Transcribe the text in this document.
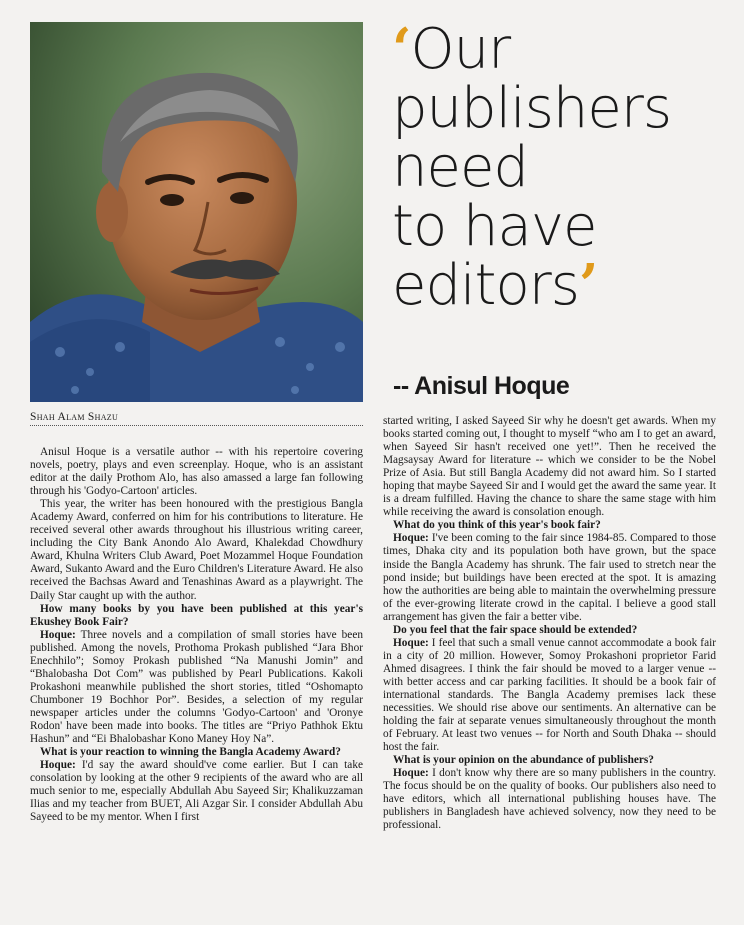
‘Our
publishers
need
to have
editors’
-- Anisul Hoque
Shah Alam Shazu

Anisul Hoque is a versatile author -- with his repertoire covering novels, poetry, plays and even screenplay. Hoque, who is an assistant editor at the daily Prothom Alo, has also amassed a large fan following through his 'Godyo-Cartoon' articles.

This year, the writer has been honoured with the prestigious Bangla Academy Award, conferred on him for his contributions to literature. He received several other awards throughout his illustrious writing career, including the City Bank Anondo Alo Award, Khalekdad Chowdhury Award, Khulna Writers Club Award, Poet Mozammel Hoque Foundation Award, Sukanto Award and the Euro Children's Literature Award. He also received the Bachsas Award and Tenashinas Award as a playwright. The Daily Star caught up with the author.

How many books by you have been published at this year's Ekushey Book Fair?

Hoque: Three novels and a compilation of small stories have been published. Among the novels, Prothoma Prokash published “Jara Bhor Enechhilo”; Somoy Prokash published “Na Manushi Jomin” and “Bhalobasha Dot Com” was published by Pearl Publications. Kakoli Prokashoni meanwhile published the short stories, titled “Oshomapto Chumboner 19 Bochhor Por”. Besides, a selection of my regular newspaper articles under the columns 'Godyo-Cartoon' and 'Oronye Rodon' have been made into books. The titles are “Priyo Pathhok Ektu Hashun” and “Ei Bhalobashar Kono Maney Hoy Na”.

What is your reaction to winning the Bangla Academy Award?

Hoque: I'd say the award should've come earlier. But I can take consolation by looking at the other 9 recipients of the award who are all much senior to me, especially Abdullah Abu Sayeed Sir; Khalikuzzaman Ilias and my teacher from BUET, Ali Azgar Sir. I consider Abdullah Abu Sayeed to be my mentor. When I first

started writing, I asked Sayeed Sir why he doesn't get awards. When my books started coming out, I thought to myself “who am I to get an award, when Sayeed Sir hasn't received one yet!”. Then he received the Magsaysay Award for literature -- which we consider to be the Nobel Prize of Asia. But still Bangla Academy did not award him. So I started hoping that maybe Sayeed Sir and I would get the award the same year. It is a dream fulfilled. Having the chance to share the same stage with him while receiving the award is consolation enough.

What do you think of this year's book fair?

Hoque: I've been coming to the fair since 1984-85. Compared to those times, Dhaka city and its population both have grown, but the space inside the Bangla Academy has shrunk. The fair used to stretch near the pond inside; but buildings have been erected at the spot. It is amazing how the authorities are being able to maintain the overwhelming pressure of the ever-growing literate crowd in the capital. I believe a good stall arrangement has given the fair a better vibe.

Do you feel that the fair space should be extended?

Hoque: I feel that such a small venue cannot accommodate a book fair in a city of 20 million. However, Somoy Prokashoni proprietor Farid Ahmed disagrees. I think the fair should be moved to a larger venue -- with better access and car parking facilities. It should be a book fair of international standards. The Bangla Academy premises lack these necessities. We should rise above our sentiments. An alternative can be holding the fair at separate venues simultaneously throughout the month of February. At least two venues -- for North and South Dhaka -- should host the fair.

What is your opinion on the abundance of publishers?

Hoque: I don't know why there are so many publishers in the country. The focus should be on the quality of books. Our publishers also need to have editors, which all international publishing houses have. The publishers in Bangladesh have achieved solvency, now they need to be professional.
